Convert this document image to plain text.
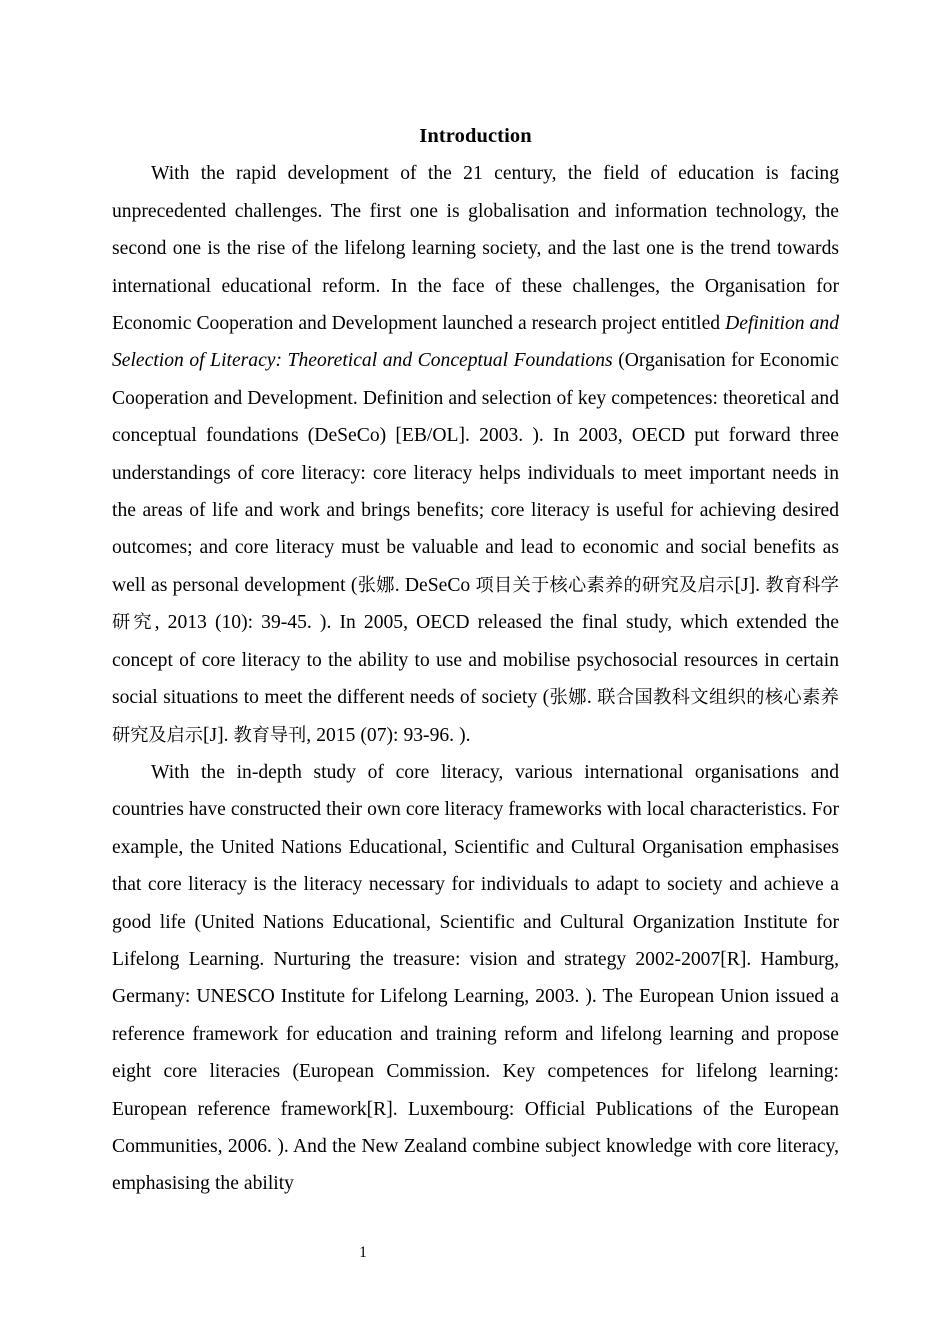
Introduction

With the rapid development of the 21 century, the field of education is facing unprecedented challenges. The first one is globalisation and information technology, the second one is the rise of the lifelong learning society, and the last one is the trend towards international educational reform. In the face of these challenges, the Organisation for Economic Cooperation and Development launched a research project entitled Definition and Selection of Literacy: Theoretical and Conceptual Foundations (Organisation for Economic Cooperation and Development. Definition and selection of key competences: theoretical and conceptual foundations (DeSeCo) [EB/OL]. 2003. ). In 2003, OECD put forward three understandings of core literacy: core literacy helps individuals to meet important needs in the areas of life and work and brings benefits; core literacy is useful for achieving desired outcomes; and core literacy must be valuable and lead to economic and social benefits as well as personal development (张娜. DeSeCo 项目关于核心素养的研究及启示[J]. 教育科学研究, 2013 (10): 39-45. ). In 2005, OECD released the final study, which extended the concept of core literacy to the ability to use and mobilise psychosocial resources in certain social situations to meet the different needs of society (张娜. 联合国教科文组织的核心素养研究及启示[J]. 教育导刊, 2015 (07): 93-96. ).

With the in-depth study of core literacy, various international organisations and countries have constructed their own core literacy frameworks with local characteristics. For example, the United Nations Educational, Scientific and Cultural Organisation emphasises that core literacy is the literacy necessary for individuals to adapt to society and achieve a good life (United Nations Educational, Scientific and Cultural Organization Institute for Lifelong Learning. Nurturing the treasure: vision and strategy 2002-2007[R]. Hamburg, Germany: UNESCO Institute for Lifelong Learning, 2003. ). The European Union issued a reference framework for education and training reform and lifelong learning and propose eight core literacies (European Commission. Key competences for lifelong learning: European reference framework[R]. Luxembourg: Official Publications of the European Communities, 2006. ). And the New Zealand combine subject knowledge with core literacy, emphasising the ability

1
